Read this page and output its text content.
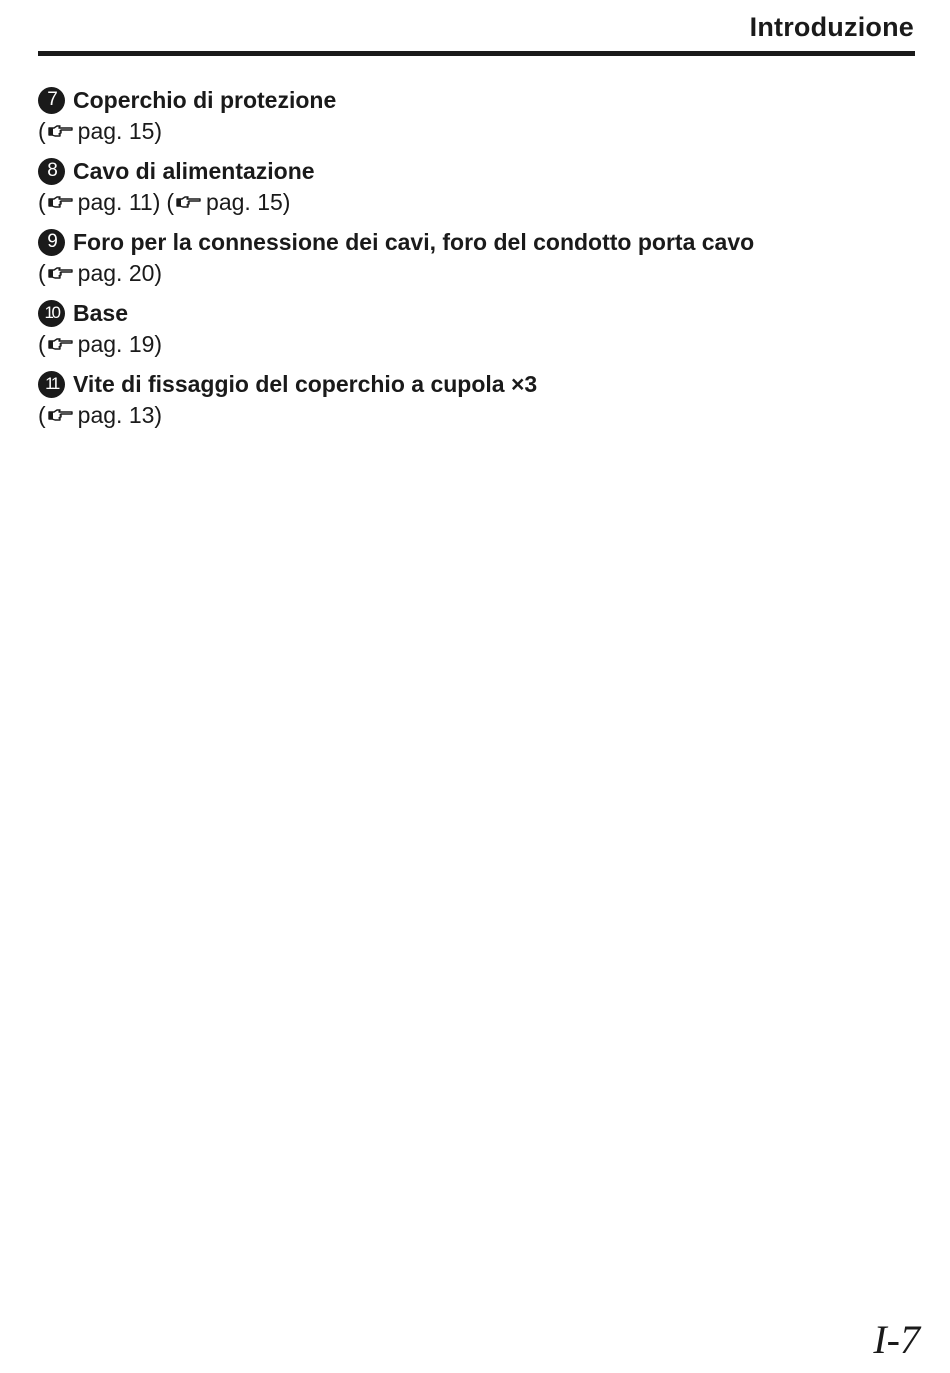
Introduzione
7 Coperchio di protezione
( pag. 15 )
8 Cavo di alimentazione
( pag. 11 ) ( pag. 15 )
9 Foro per la connessione dei cavi, foro del condotto porta cavo
( pag. 20 )
10 Base
( pag. 19 )
11 Vite di fissaggio del coperchio a cupola ×3
( pag. 13 )
I-7
